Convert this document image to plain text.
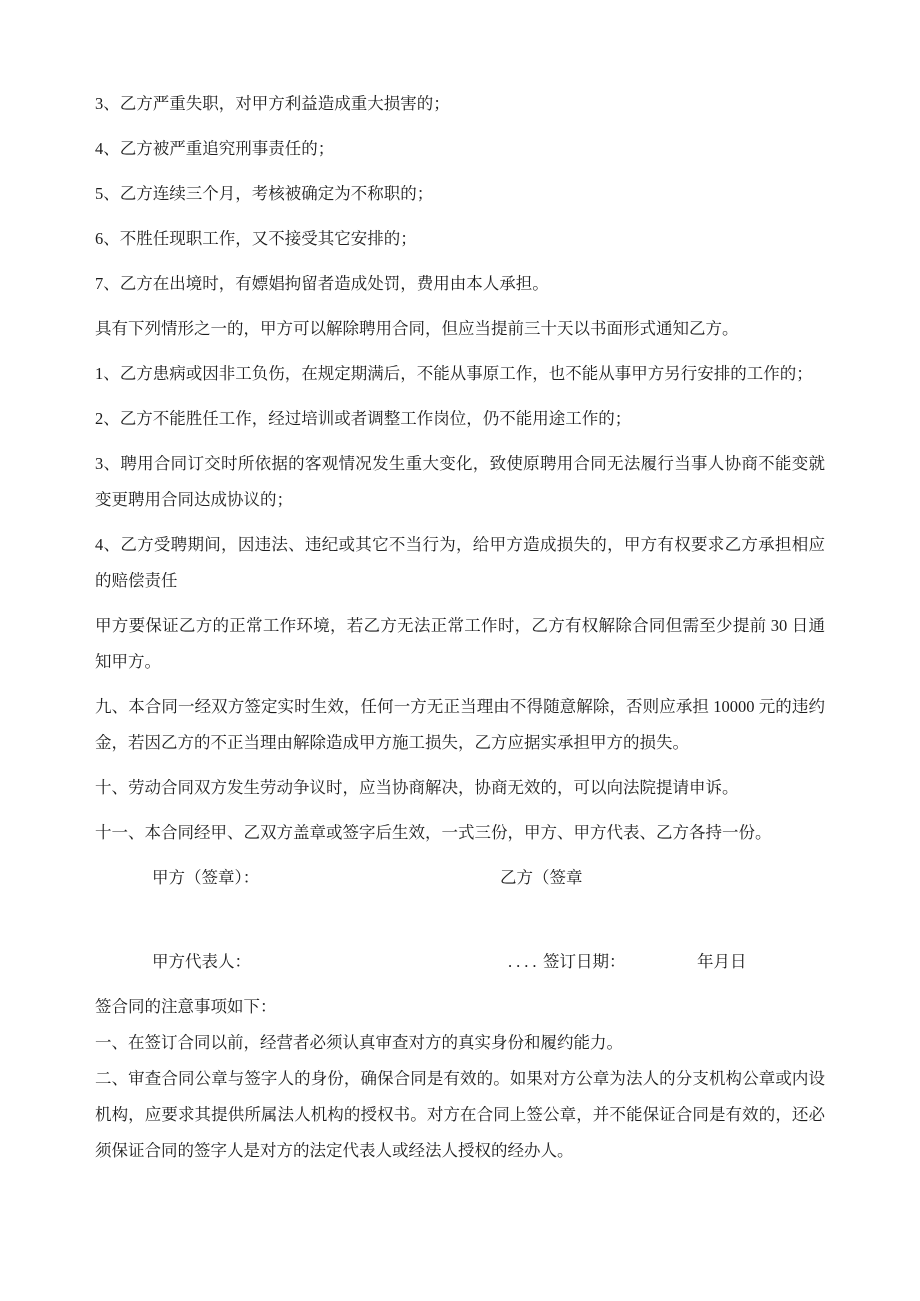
3、乙方严重失职，对甲方利益造成重大损害的；

4、乙方被严重追究刑事责任的；

5、乙方连续三个月，考核被确定为不称职的；

6、不胜任现职工作，又不接受其它安排的；

7、乙方在出境时，有嫖娼拘留者造成处罚，费用由本人承担。

具有下列情形之一的，甲方可以解除聘用合同，但应当提前三十天以书面形式通知乙方。

1、乙方患病或因非工负伤，在规定期满后，不能从事原工作，也不能从事甲方另行安排的工作的；

2、乙方不能胜任工作，经过培训或者调整工作岗位，仍不能用途工作的；

3、聘用合同订交时所依据的客观情况发生重大变化，致使原聘用合同无法履行当事人协商不能变就变更聘用合同达成协议的；

4、乙方受聘期间，因违法、违纪或其它不当行为，给甲方造成损失的，甲方有权要求乙方承担相应的赔偿责任

甲方要保证乙方的正常工作环境，若乙方无法正常工作时，乙方有权解除合同但需至少提前 30 日通知甲方。

九、本合同一经双方签定实时生效，任何一方无正当理由不得随意解除，否则应承担 10000 元的违约金，若因乙方的不正当理由解除造成甲方施工损失，乙方应据实承担甲方的损失。

十、劳动合同双方发生劳动争议时，应当协商解决，协商无效的，可以向法院提请申诉。

十一、本合同经甲、乙双方盖章或签字后生效，一式三份，甲方、甲方代表、乙方各持一份。

甲方（签章）：	乙方（签章
甲方代表人：	.... 签订日期：	年月日

签合同的注意事项如下：

一、在签订合同以前，经营者必须认真审查对方的真实身份和履约能力。

二、审查合同公章与签字人的身份，确保合同是有效的。如果对方公章为法人的分支机构公章或内设机构，应要求其提供所属法人机构的授权书。对方在合同上签公章，并不能保证合同是有效的，还必须保证合同的签字人是对方的法定代表人或经法人授权的经办人。
